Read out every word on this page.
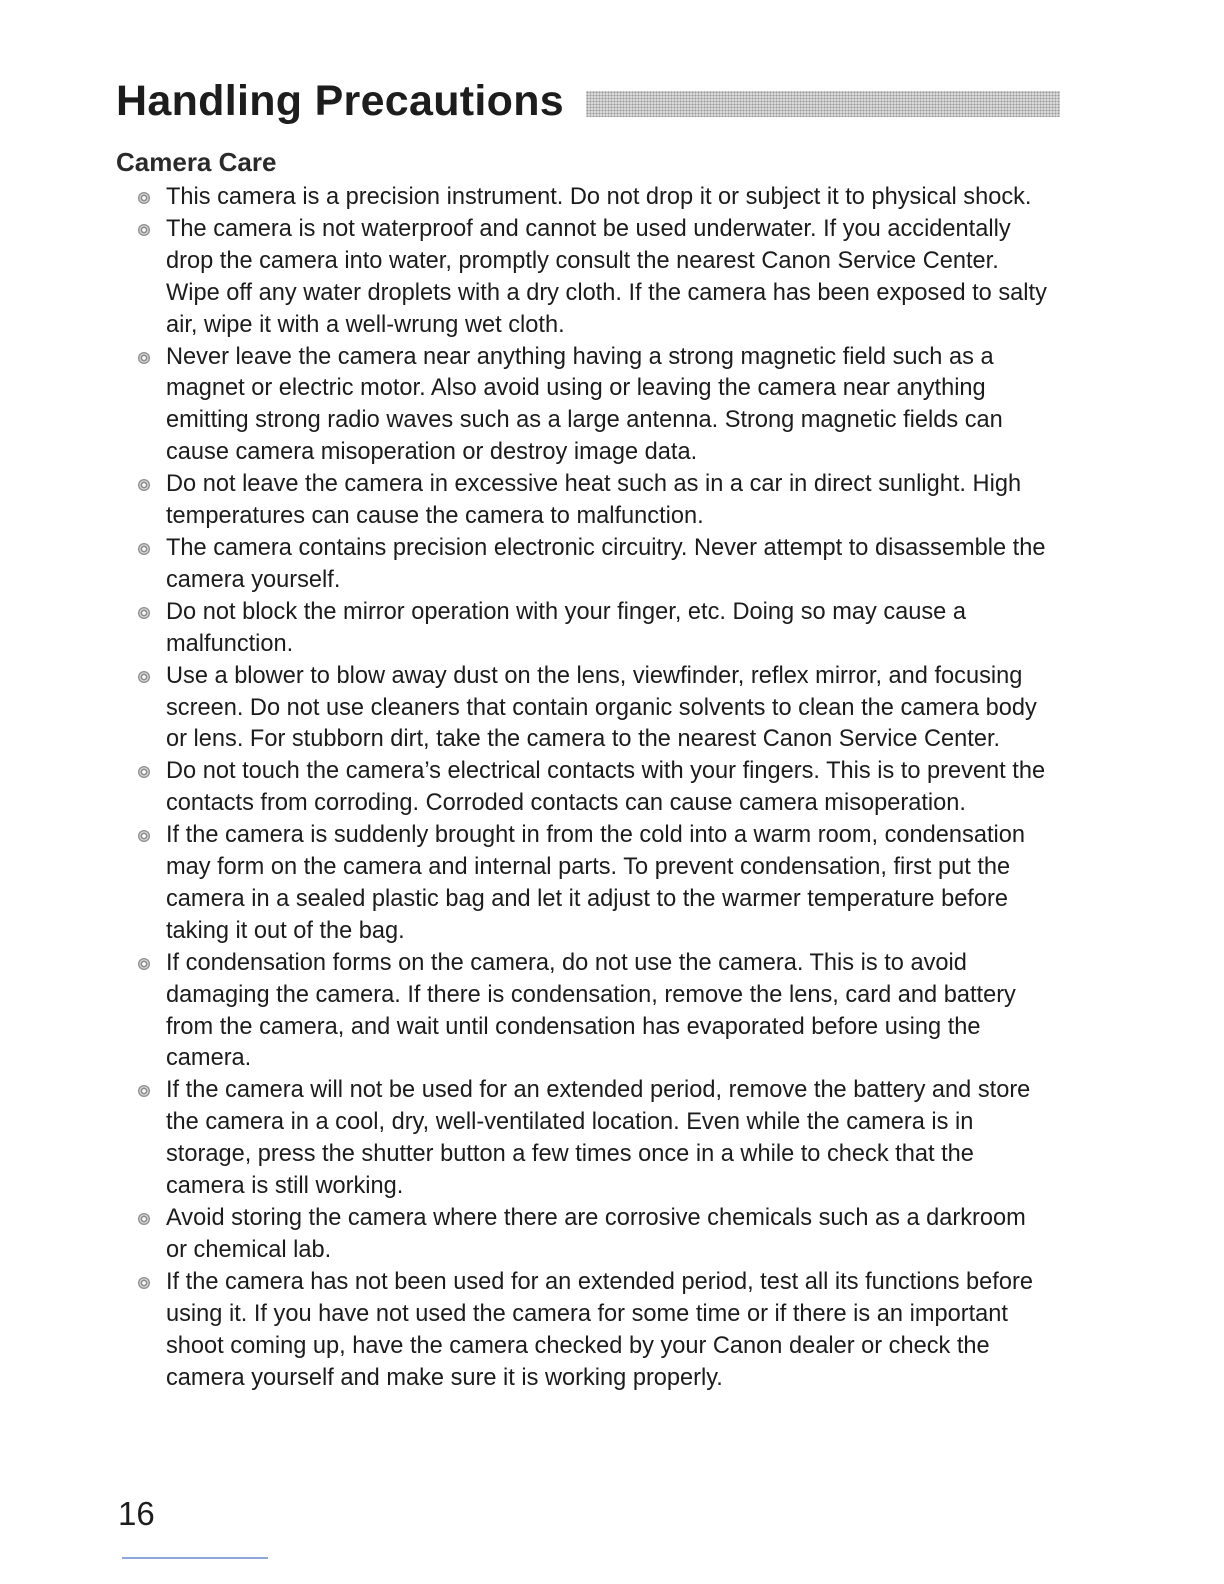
Handling Precautions
Camera Care
This camera is a precision instrument. Do not drop it or subject it to physical shock.
The camera is not waterproof and cannot be used underwater. If you accidentally drop the camera into water, promptly consult the nearest Canon Service Center. Wipe off any water droplets with a dry cloth. If the camera has been exposed to salty air, wipe it with a well-wrung wet cloth.
Never leave the camera near anything having a strong magnetic field such as a magnet or electric motor. Also avoid using or leaving the camera near anything emitting strong radio waves such as a large antenna. Strong magnetic fields can cause camera misoperation or destroy image data.
Do not leave the camera in excessive heat such as in a car in direct sunlight. High temperatures can cause the camera to malfunction.
The camera contains precision electronic circuitry. Never attempt to disassemble the camera yourself.
Do not block the mirror operation with your finger, etc. Doing so may cause a malfunction.
Use a blower to blow away dust on the lens, viewfinder, reflex mirror, and focusing screen. Do not use cleaners that contain organic solvents to clean the camera body or lens. For stubborn dirt, take the camera to the nearest Canon Service Center.
Do not touch the camera’s electrical contacts with your fingers. This is to prevent the contacts from corroding. Corroded contacts can cause camera misoperation.
If the camera is suddenly brought in from the cold into a warm room, condensation may form on the camera and internal parts. To prevent condensation, first put the camera in a sealed plastic bag and let it adjust to the warmer temperature before taking it out of the bag.
If condensation forms on the camera, do not use the camera. This is to avoid damaging the camera. If there is condensation, remove the lens, card and battery from the camera, and wait until condensation has evaporated before using the camera.
If the camera will not be used for an extended period, remove the battery and store the camera in a cool, dry, well-ventilated location. Even while the camera is in storage, press the shutter button a few times once in a while to check that the camera is still working.
Avoid storing the camera where there are corrosive chemicals such as a darkroom or chemical lab.
If the camera has not been used for an extended period, test all its functions before using it. If you have not used the camera for some time or if there is an important shoot coming up, have the camera checked by your Canon dealer or check the camera yourself and make sure it is working properly.

16
